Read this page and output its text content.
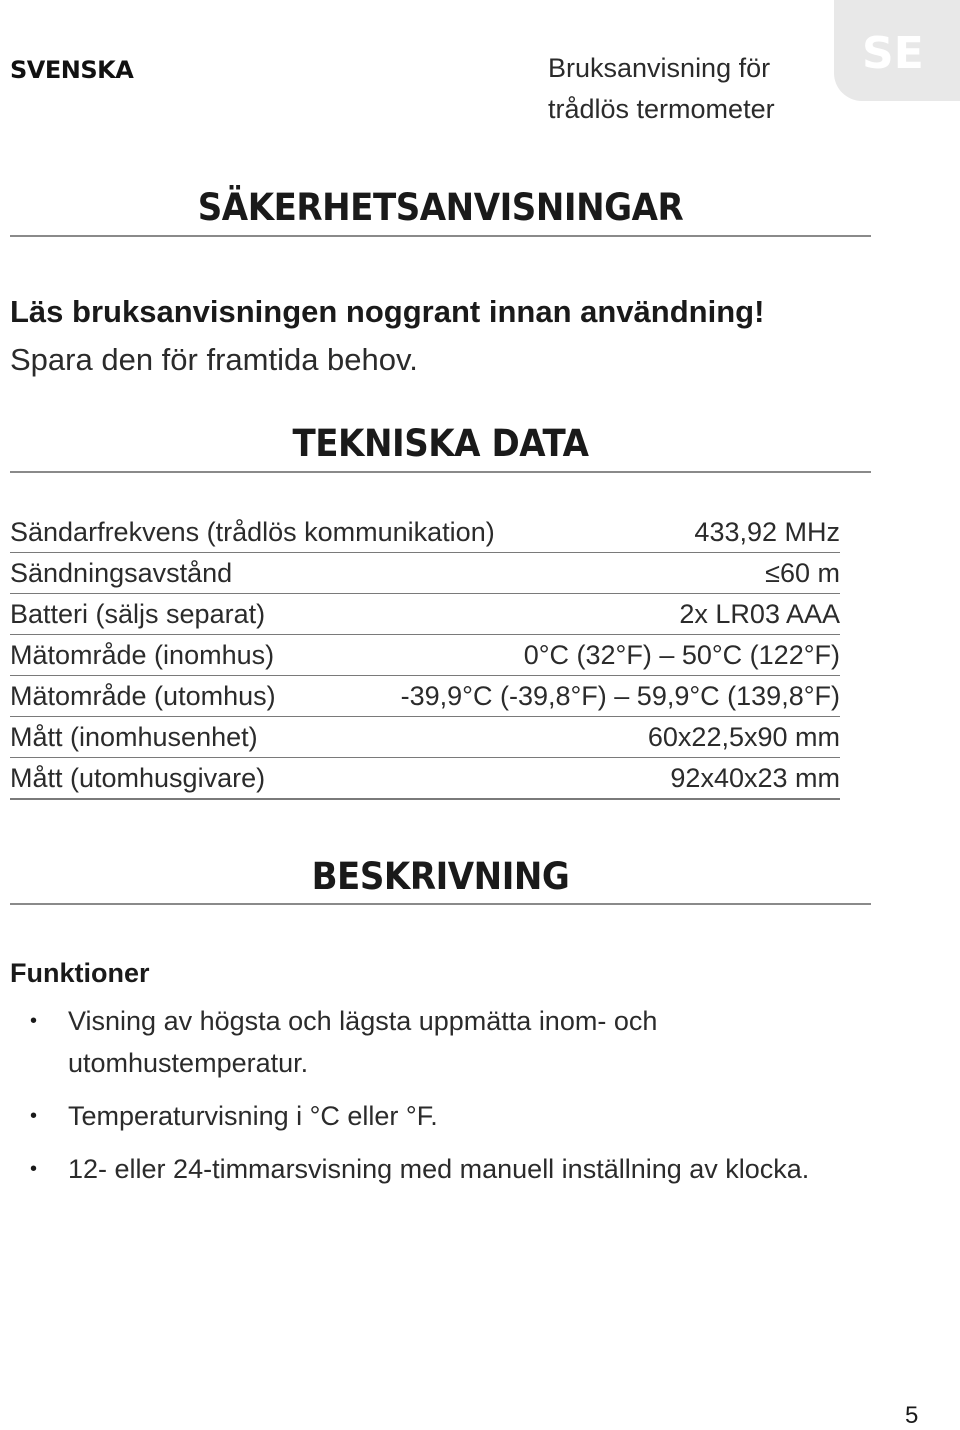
SVENSKA	Bruksanvisning för
trådlös termometer
SE
SÄKERHETSANVISNINGAR
Läs bruksanvisningen noggrant innan användning!
Spara den för framtida behov.
TEKNISKA DATA
Sändarfrekvens (trådlös kommunikation)	433,92 MHz
Sändningsavstånd	≤60 m
Batteri (säljs separat)	2x LR03 AAA
Mätområde (inomhus)	0°C (32°F) – 50°C (122°F)
Mätområde (utomhus)	-39,9°C (-39,8°F) – 59,9°C (139,8°F)
Mått (inomhusenhet)	60x22,5x90 mm
Mått (utomhusgivare)	92x40x23 mm
BESKRIVNING
Funktioner
• Visning av högsta och lägsta uppmätta inom- och
utomhustemperatur.
• Temperaturvisning i °C eller °F.
• 12- eller 24-timmarsvisning med manuell inställning av klocka.
5
